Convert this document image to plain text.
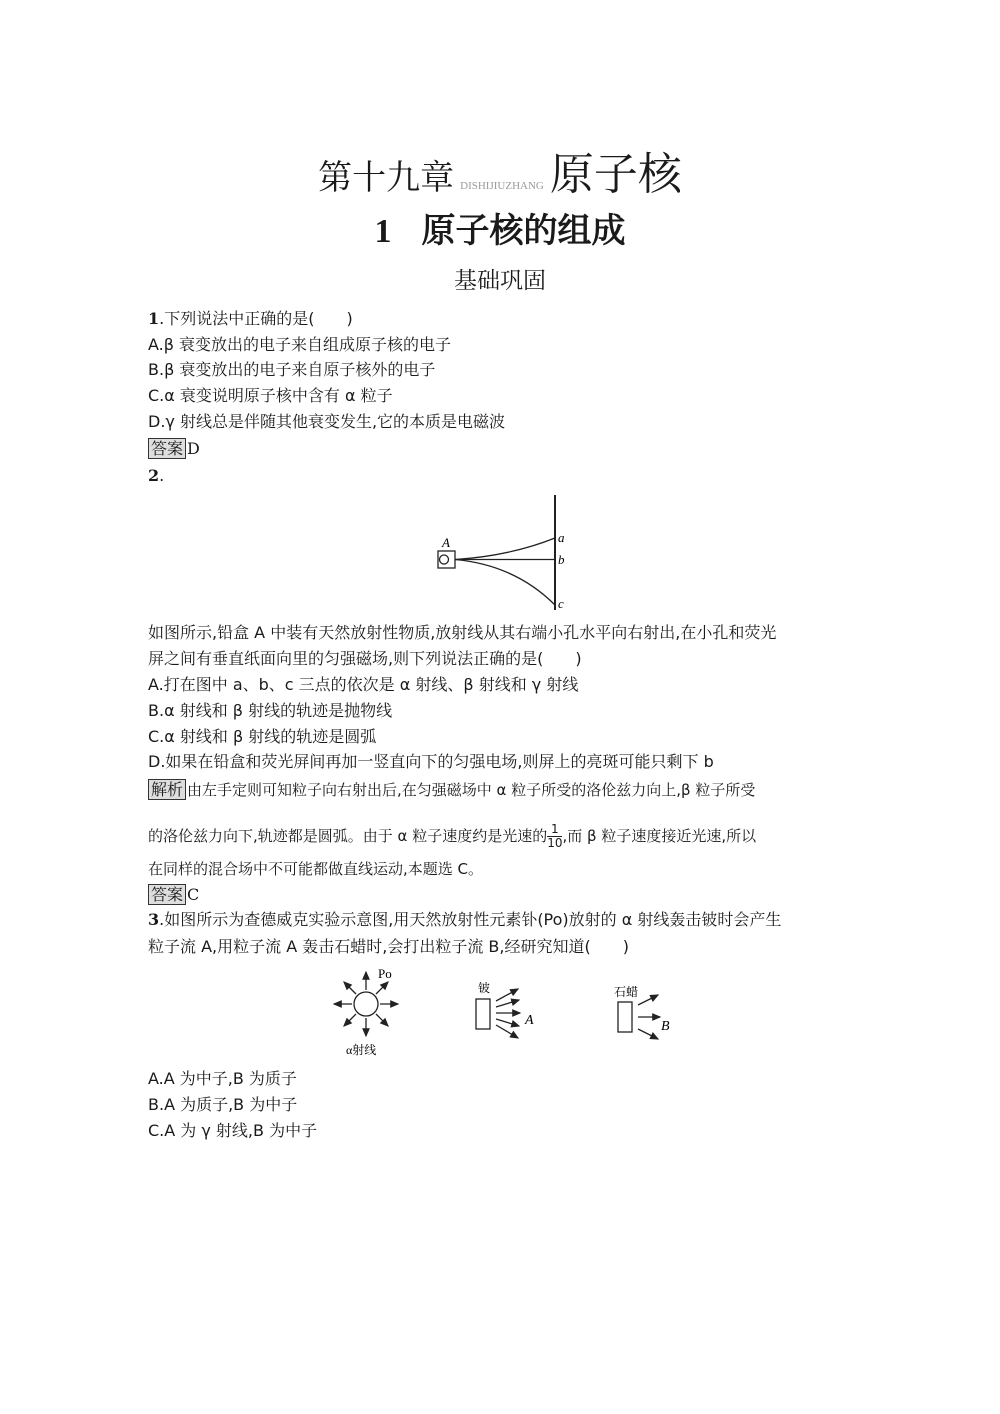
第十九章 DISHIJIUZHANG 原子核
1 原子核的组成
基础巩固
1.下列说法中正确的是(　　)
A.β 衰变放出的电子来自组成原子核的电子
B.β 衰变放出的电子来自原子核外的电子
C.α 衰变说明原子核中含有 α 粒子
D.γ 射线总是伴随其他衰变发生,它的本质是电磁波
答案 D
2.
A	a
b
c
如图所示,铅盒 A 中装有天然放射性物质,放射线从其右端小孔水平向右射出,在小孔和荧光
屏之间有垂直纸面向里的匀强磁场,则下列说法正确的是(　　)
A.打在图中 a、b、c 三点的依次是 α 射线、β 射线和 γ 射线
B.α 射线和 β 射线的轨迹是抛物线
C.α 射线和 β 射线的轨迹是圆弧
D.如果在铅盒和荧光屏间再加一竖直向下的匀强电场,则屏上的亮斑可能只剩下 b
解析 由左手定则可知粒子向右射出后,在匀强磁场中 α 粒子所受的洛伦兹力向上,β 粒子所受
的洛伦兹力向下,轨迹都是圆弧。由于 α 粒子速度约是光速的 $\frac{1}{10}$ ,而 β 粒子速度接近光速,所以
在同样的混合场中不可能都做直线运动,本题选 C。
答案 C
3.如图所示为查德威克实验示意图,用天然放射性元素钋(Po)放射的 α 射线轰击铍时会产生
粒子流 A,用粒子流 A 轰击石蜡时,会打出粒子流 B,经研究知道(　　)
Po
α射线
铍
A
石蜡
B
A.A 为中子,B 为质子
B.A 为质子,B 为中子
C.A 为 γ 射线,B 为中子
